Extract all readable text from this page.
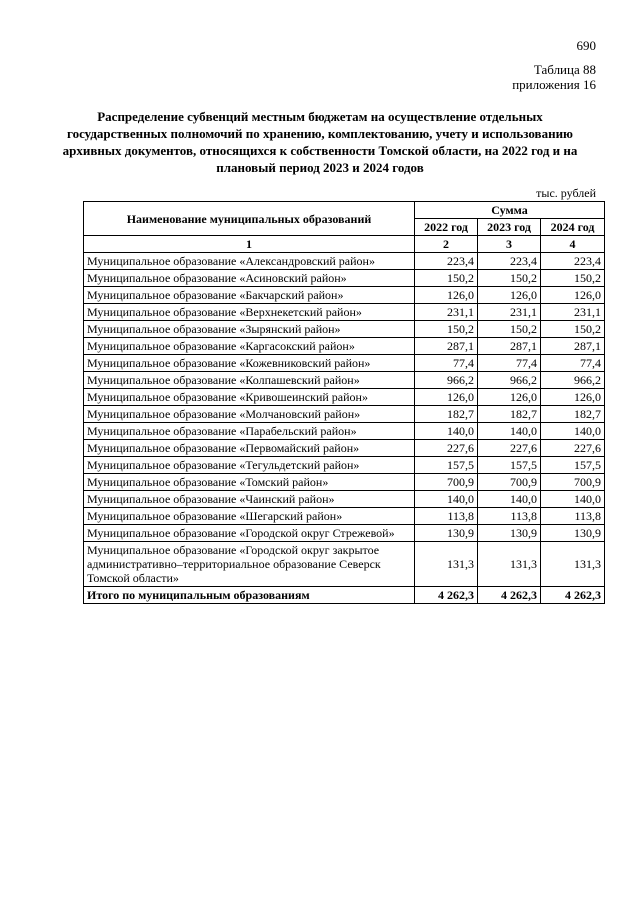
690
Таблица 88
приложения 16
Распределение субвенций местным бюджетам на осуществление отдельных государственных полномочий по хранению, комплектованию, учету и использованию архивных документов, относящихся к собственности Томской области, на 2022 год и на плановый период 2023 и 2024 годов
тыс. рублей
Наименование муниципальных образований	Сумма		
	2022 год	2023 год	2024 год
1	2	3	4
Муниципальное образование «Александровский район»	223,4	223,4	223,4
Муниципальное образование «Асиновский район»	150,2	150,2	150,2
Муниципальное образование «Бакчарский район»	126,0	126,0	126,0
Муниципальное образование «Верхнекетский район»	231,1	231,1	231,1
Муниципальное образование «Зырянский район»	150,2	150,2	150,2
Муниципальное образование «Каргасокский район»	287,1	287,1	287,1
Муниципальное образование «Кожевниковский район»	77,4	77,4	77,4
Муниципальное образование «Колпашевский район»	966,2	966,2	966,2
Муниципальное образование «Кривошеинский район»	126,0	126,0	126,0
Муниципальное образование «Молчановский район»	182,7	182,7	182,7
Муниципальное образование «Парабельский район»	140,0	140,0	140,0
Муниципальное образование «Первомайский район»	227,6	227,6	227,6
Муниципальное образование «Тегульдетский район»	157,5	157,5	157,5
Муниципальное образование «Томский район»	700,9	700,9	700,9
Муниципальное образование «Чаинский район»	140,0	140,0	140,0
Муниципальное образование «Шегарский район»	113,8	113,8	113,8
Муниципальное образование «Городской округ Стрежевой»	130,9	130,9	130,9
Муниципальное образование «Городской округ закрытое административно–территориальное образование Северск Томской области»	131,3	131,3	131,3
Итого по муниципальным образованиям	4 262,3	4 262,3	4 262,3
